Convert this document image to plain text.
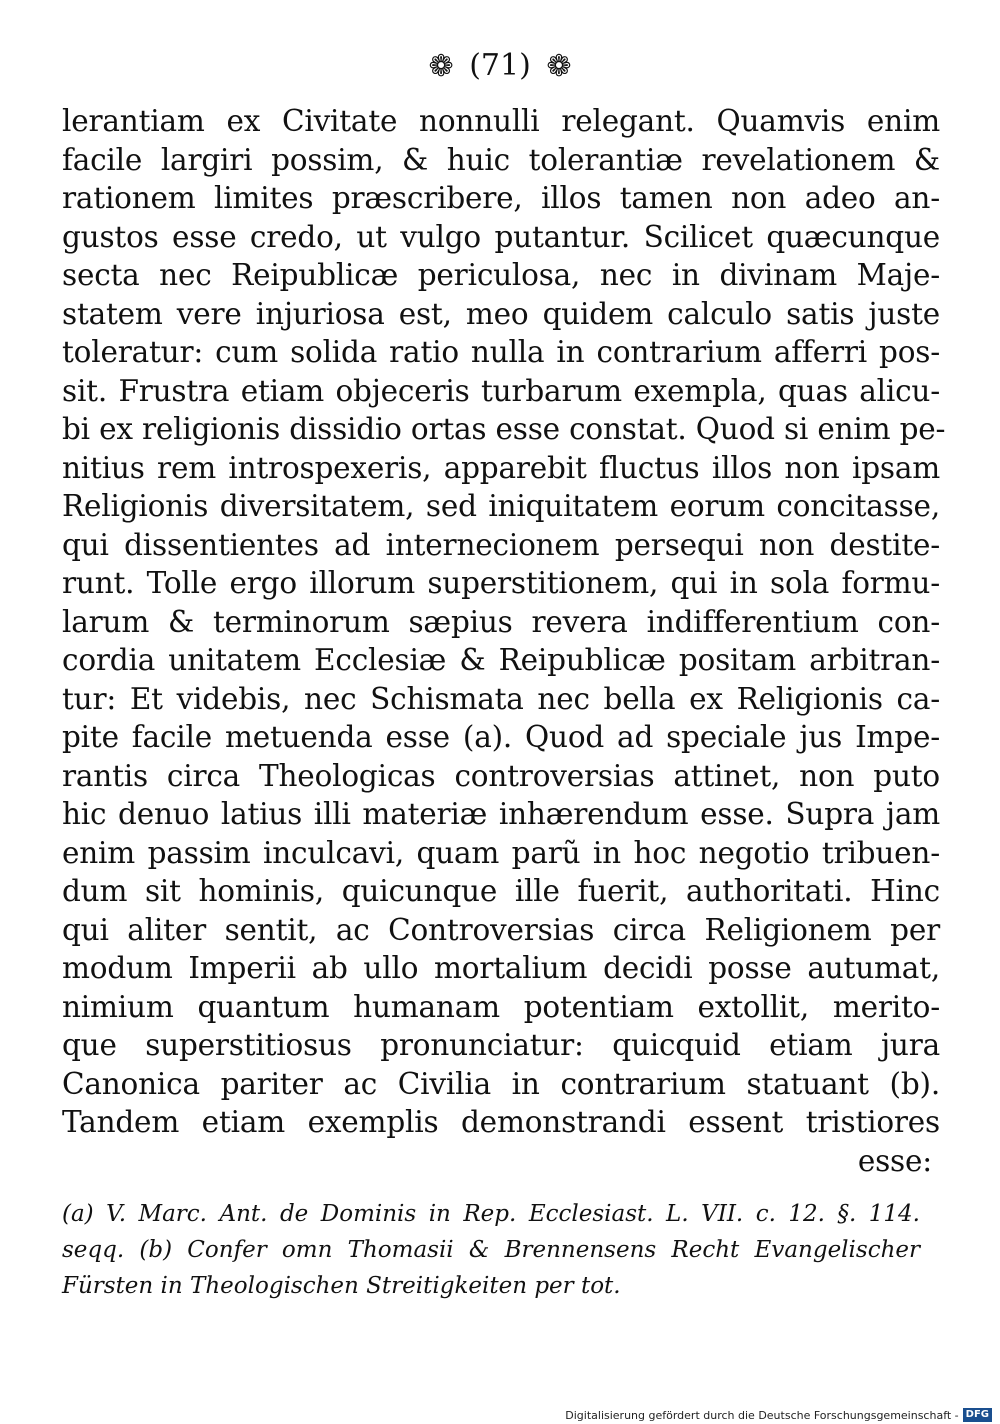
❁ (71) ❁
lerantiam ex Civitate nonnulli relegant. Quamvis enim
facile largiri possim, & huic tolerantiæ revelationem &
rationem limites præscribere, illos tamen non adeo an-
gustos esse credo, ut vulgo putantur. Scilicet quæcunque
secta nec Reipublicæ periculosa, nec in divinam Maje-
statem vere injuriosa est, meo quidem calculo satis juste
toleratur: cum solida ratio nulla in contrarium afferri pos-
sit. Frustra etiam objeceris turbarum exempla, quas alicu-
bi ex religionis dissidio ortas esse constat. Quod si enim pe-
nitius rem introspexeris, apparebit fluctus illos non ipsam
Religionis diversitatem, sed iniquitatem eorum concitasse,
qui dissentientes ad internecionem persequi non destite-
runt. Tolle ergo illorum superstitionem, qui in sola formu-
larum & terminorum sæpius revera indifferentium con-
cordia unitatem Ecclesiæ & Reipublicæ positam arbitran-
tur: Et videbis, nec Schismata nec bella ex Religionis ca-
pite facile metuenda esse (a). Quod ad speciale jus Impe-
rantis circa Theologicas controversias attinet, non puto
hic denuo latius illi materiæ inhærendum esse. Supra jam
enim passim inculcavi, quam parũ in hoc negotio tribuen-
dum sit hominis, quicunque ille fuerit, authoritati. Hinc
qui aliter sentit, ac Controversias circa Religionem per
modum Imperii ab ullo mortalium decidi posse autumat,
nimium quantum humanam potentiam extollit, merito-
que superstitiosus pronunciatur: quicquid etiam jura
Canonica pariter ac Civilia in contrarium statuant (b).
Tandem etiam exemplis demonstrandi essent tristiores
esse:
(a) V. Marc. Ant. de Dominis in Rep. Ecclesiast. L. VII. c. 12. §. 114.
seqq. (b) Confer omn Thomasii & Brennensens Recht Evangelischer
Fürsten in Theologischen Streitigkeiten per tot.
Digitalisierung gefördert durch die Deutsche Forschungsgemeinschaft - DFG
